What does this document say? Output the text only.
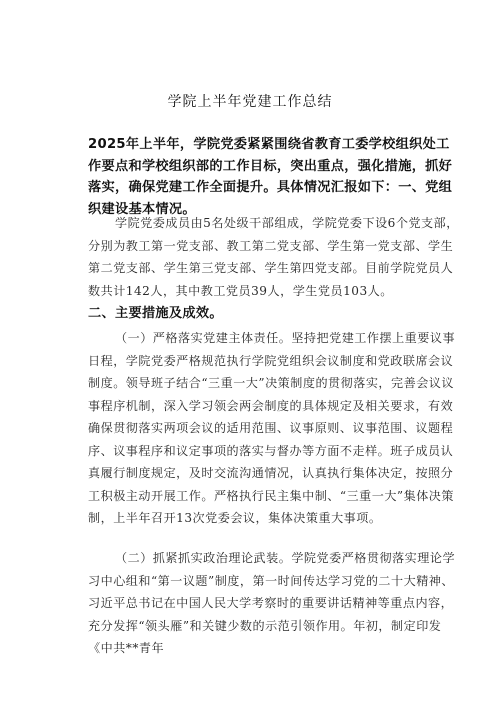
学院上半年党建工作总结

2025年上半年，学院党委紧紧围绕省教育工委学校组织处工作要点和学校组织部的工作目标，突出重点，强化措施，抓好落实，确保党建工作全面提升。具体情况汇报如下：一、党组织建设基本情况。

学院党委成员由5名处级干部组成，学院党委下设6个党支部，分别为教工第一党支部、教工第二党支部、学生第一党支部、学生第二党支部、学生第三党支部、学生第四党支部。目前学院党员人数共计142人，其中教工党员39人，学生党员103人。

二、主要措施及成效。

（一）严格落实党建主体责任。坚持把党建工作摆上重要议事日程，学院党委严格规范执行学院党组织会议制度和党政联席会议制度。领导班子结合“三重一大”决策制度的贯彻落实，完善会议议事程序机制，深入学习领会两会制度的具体规定及相关要求，有效确保贯彻落实两项会议的适用范围、议事原则、议事范围、议题程序、议事程序和议定事项的落实与督办等方面不走样。班子成员认真履行制度规定，及时交流沟通情况，认真执行集体决定，按照分工积极主动开展工作。严格执行民主集中制、“三重一大”集体决策制，上半年召开13次党委会议，集体决策重大事项。

（二）抓紧抓实政治理论武装。学院党委严格贯彻落实理论学习中心组和“第一议题”制度，第一时间传达学习党的二十大精神、习近平总书记在中国人民大学考察时的重要讲话精神等重点内容，充分发挥“领头雁”和关键少数的示范引领作用。年初，制定印发《中共**青年
